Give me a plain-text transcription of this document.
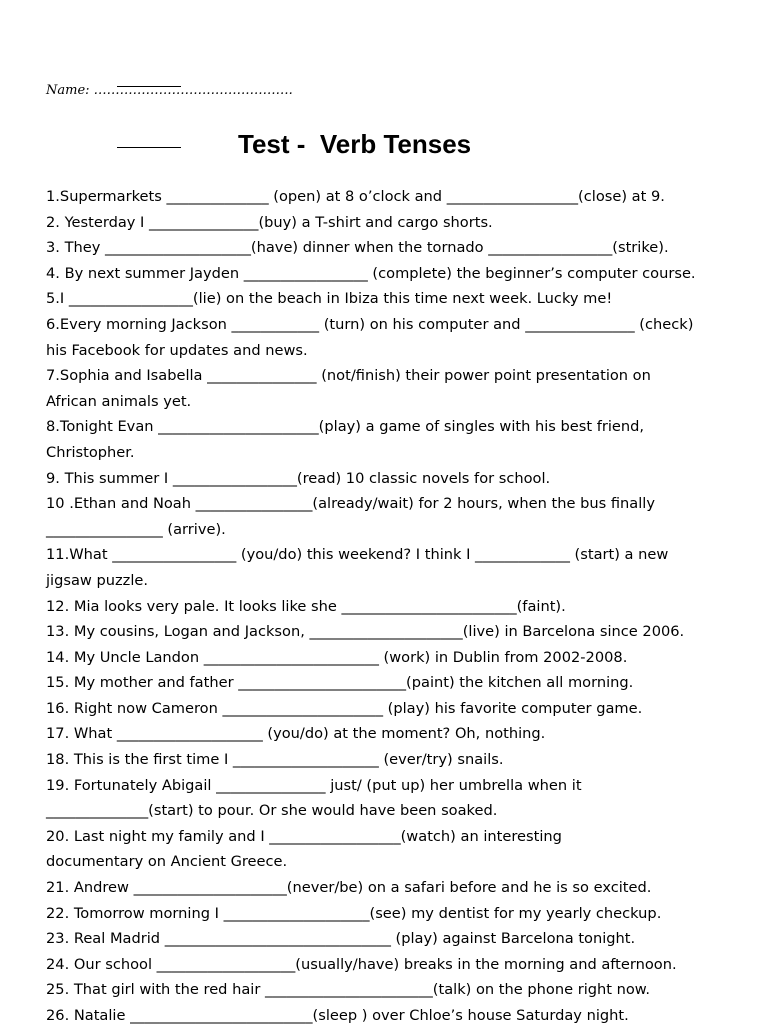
Name: ……………………………………….
Test -  Verb Tenses
1.Supermarkets ______________ (open) at 8 o’clock and __________________(close) at 9.
2. Yesterday I _______________(buy) a T-shirt and cargo shorts.
3. They ____________________(have) dinner when the tornado _________________(strike).
4. By next summer Jayden _________________ (complete) the beginner’s computer course.
5.I _________________(lie) on the beach in Ibiza this time next week. Lucky me!
6.Every morning Jackson ____________ (turn) on his computer and _______________ (check)
his Facebook for updates and news.
7.Sophia and Isabella _______________ (not/finish) their power point presentation on
African animals yet.
8.Tonight Evan ______________________(play) a game of singles with his best friend,
Christopher.
9. This summer I _________________(read) 10 classic novels for school.
10 .Ethan and Noah ________________(already/wait) for 2 hours, when the bus finally
________________ (arrive).
11.What _________________ (you/do) this weekend? I think I _____________ (start) a new
jigsaw puzzle.
12. Mia looks very pale. It looks like she ________________________(faint).
13. My cousins, Logan and Jackson, _____________________(live) in Barcelona since 2006.
14. My Uncle Landon ________________________ (work) in Dublin from 2002-2008.
15. My mother and father _______________________(paint) the kitchen all morning.
16. Right now Cameron ______________________ (play) his favorite computer game.
17. What ____________________ (you/do) at the moment? Oh, nothing.
18. This is the first time I ____________________ (ever/try) snails.
19. Fortunately Abigail _______________ just/ (put up) her umbrella when it
______________(start) to pour. Or she would have been soaked.
20. Last night my family and I __________________(watch) an interesting
documentary on Ancient Greece.
21. Andrew _____________________(never/be) on a safari before and he is so excited.
22. Tomorrow morning I ____________________(see) my dentist for my yearly checkup.
23. Real Madrid _______________________________ (play) against Barcelona tonight.
24. Our school ___________________(usually/have) breaks in the morning and afternoon.
25. That girl with the red hair _______________________(talk) on the phone right now.
26. Natalie _________________________(sleep ) over Chloe’s house Saturday night.
